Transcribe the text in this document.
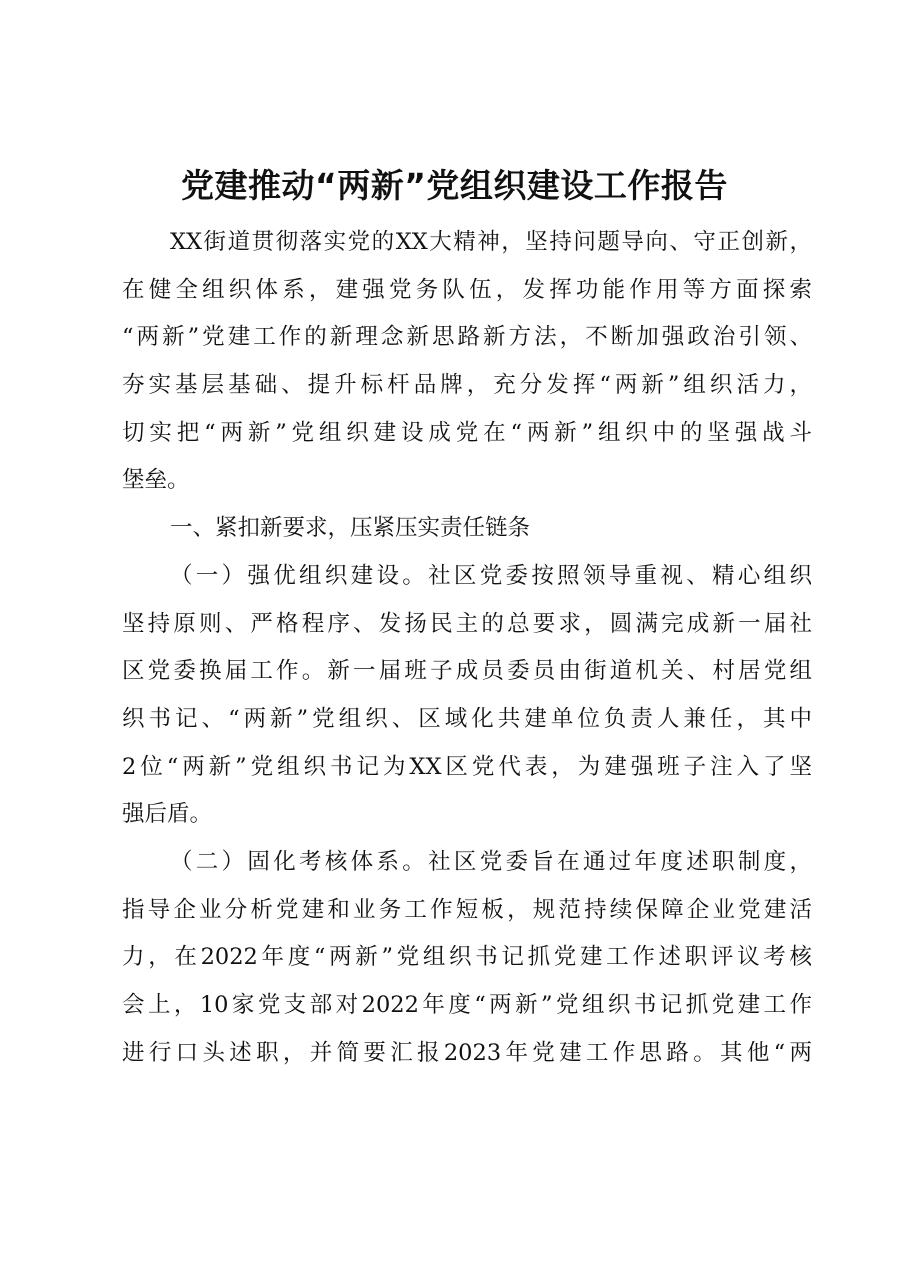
党建推动“两新”党组织建设工作报告
XX街道贯彻落实党的XX大精神，坚持问题导向、守正创新，
在健全组织体系，建强党务队伍，发挥功能作用等方面探索
“两新”党建工作的新理念新思路新方法，不断加强政治引领、
夯实基层基础、提升标杆品牌，充分发挥“两新”组织活力，
切实把“两新”党组织建设成党在“两新”组织中的坚强战斗
堡垒。
一、紧扣新要求，压紧压实责任链条
（一）强优组织建设。社区党委按照领导重视、精心组织
坚持原则、严格程序、发扬民主的总要求，圆满完成新一届社
区党委换届工作。新一届班子成员委员由街道机关、村居党组
织书记、“两新”党组织、区域化共建单位负责人兼任，其中
2位“两新”党组织书记为XX区党代表，为建强班子注入了坚
强后盾。
（二）固化考核体系。社区党委旨在通过年度述职制度，
指导企业分析党建和业务工作短板，规范持续保障企业党建活
力，在2022年度“两新”党组织书记抓党建工作述职评议考核
会上，10家党支部对2022年度“两新”党组织书记抓党建工作
进行口头述职，并简要汇报2023年党建工作思路。其他“两
